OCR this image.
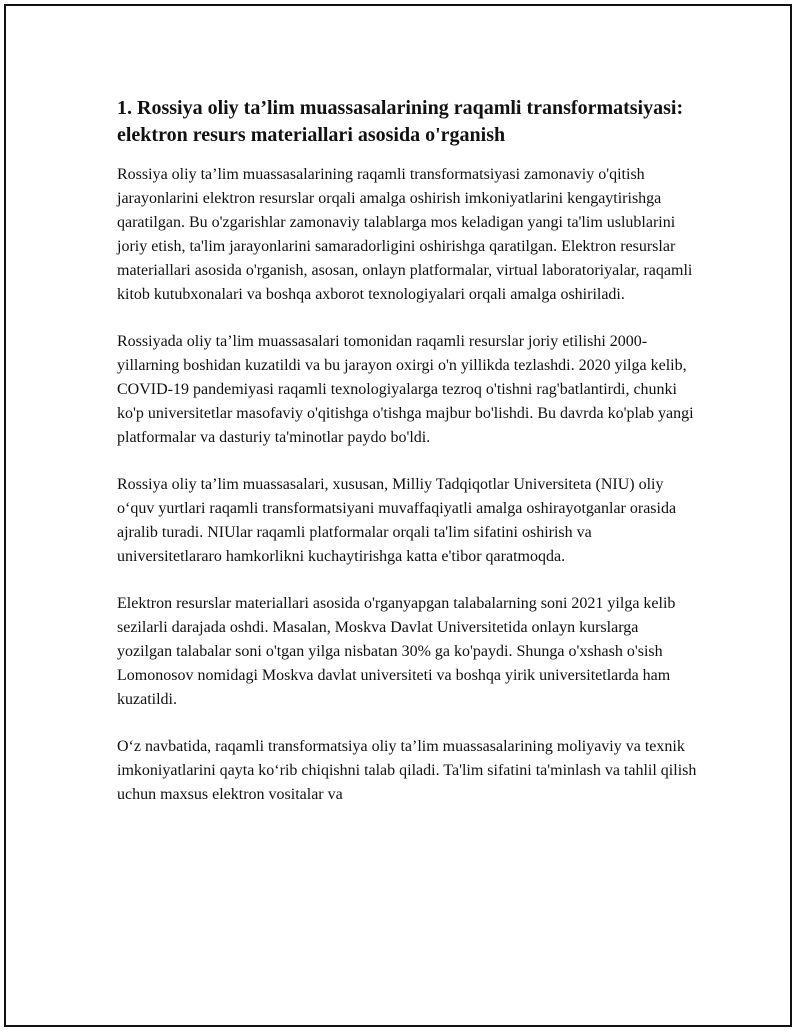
1. Rossiya oliy ta’lim muassasalarining raqamli transformatsiyasi: elektron resurs materiallari asosida o'rganish

Rossiya oliy ta’lim muassasalarining raqamli transformatsiyasi zamonaviy o'qitish jarayonlarini elektron resurslar orqali amalga oshirish imkoniyatlarini kengaytirishga qaratilgan. Bu o'zgarishlar zamonaviy talablarga mos keladigan yangi ta'lim uslublarini joriy etish, ta'lim jarayonlarini samaradorligini oshirishga qaratilgan. Elektron resurslar materiallari asosida o'rganish, asosan, onlayn platformalar, virtual laboratoriyalar, raqamli kitob kutubxonalari va boshqa axborot texnologiyalari orqali amalga oshiriladi.

Rossiyada oliy ta’lim muassasalari tomonidan raqamli resurslar joriy etilishi 2000-yillarning boshidan kuzatildi va bu jarayon oxirgi o'n yillikda tezlashdi. 2020 yilga kelib, COVID-19 pandemiyasi raqamli texnologiyalarga tezroq o'tishni rag'batlantirdi, chunki ko'p universitetlar masofaviy o'qitishga o'tishga majbur bo'lishdi. Bu davrda ko'plab yangi platformalar va dasturiy ta'minotlar paydo bo'ldi.

Rossiya oliy ta’lim muassasalari, xususan, Milliy Tadqiqotlar Universiteta (NIU) oliy o‘quv yurtlari raqamli transformatsiyani muvaffaqiyatli amalga oshirayotganlar orasida ajralib turadi. NIUlar raqamli platformalar orqali ta'lim sifatini oshirish va universitetlararo hamkorlikni kuchaytirishga katta e'tibor qaratmoqda.

Elektron resurslar materiallari asosida o'rganyapgan talabalarning soni 2021 yilga kelib sezilarli darajada oshdi. Masalan, Moskva Davlat Universitetida onlayn kurslarga yozilgan talabalar soni o'tgan yilga nisbatan 30% ga ko'paydi. Shunga o'xshash o'sish Lomonosov nomidagi Moskva davlat universiteti va boshqa yirik universitetlarda ham kuzatildi.

O‘z navbatida, raqamli transformatsiya oliy ta’lim muassasalarining moliyaviy va texnik imkoniyatlarini qayta ko‘rib chiqishni talab qiladi. Ta'lim sifatini ta'minlash va tahlil qilish uchun maxsus elektron vositalar va
